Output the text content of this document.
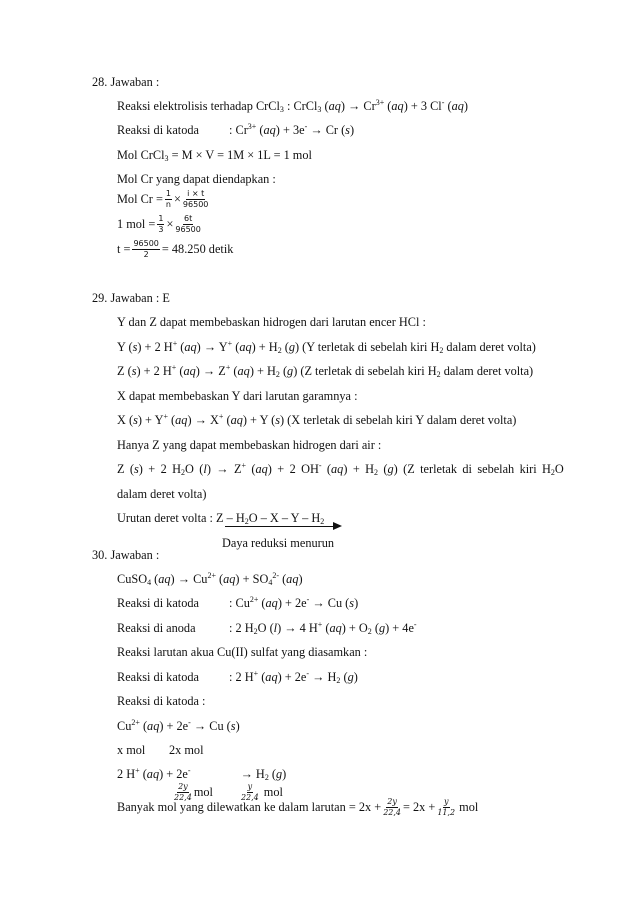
28. Jawaban :
Reaksi elektrolisis terhadap CrCl$_3$ : CrCl$_3$ $(aq) \to Cr^{3+}$ (aq) + 3 Cl- (aq)
Reaksi di katoda : $Cr^{3+}$ (aq) + 3e- → Cr (s)
Mol CrCl$_3$ = M × V = 1M × 1L = 1 mol
Mol Cr yang dapat diendapkan :
Mol $Cr = \frac{1}{n} \times \frac{i \times t}{96500}$
1 mol = $\frac{1}{3} \times \frac{6t}{96500}$
$t = \frac{96500}{2} = 48.250$ detik
29. Jawaban : E
Y dan Z dapat membebaskan hidrogen dari larutan encer HCl :
Y (s) + 2 H+ (aq) → Y+ $(aq) + H_2$ (g) (Y terletak di sebelah kiri $H_2$ dalam deret volta)
Z (s) + 2 H+ (aq) → Z+ $(aq) + H_2$ (g) (Z terletak di sebelah kiri $H_2$ dalam deret volta)
X dapat membebaskan Y dari larutan garamnya :
X (s) + Y+ (aq) → X+ (aq) + Y (s) (X terletak di sebelah kiri Y dalam deret volta)
Hanya Z yang dapat membebaskan hidrogen dari air :
Z (s) + 2 $H_2O$ (l) → Z+ (aq) + 2 OH- $(aq) + H_2$ (g) (Z terletak di sebelah kiri $H_2O$
dalam deret volta)
Urutan deret volta : Z – $H_2O$ – X – Y – $H_2$
Daya reduksi menurun
30. Jawaban :
CuSO$_4$ $(aq) \to Cu^{2+}$ $(aq) + SO_4^{2-}$ (aq)
Reaksi di katoda : $Cu^{2+}$ (aq) + 2e- → Cu (s)
Reaksi di anoda	: 2 $H_2O$ (l) → 4 H+ $(aq) + O_2$ (g) + 4e-
Reaksi larutan akua Cu(II) sulfat yang diasamkan :
Reaksi di katoda : 2 H+ $(aq) + 2e^- \to H_2$ (g)
Reaksi di katoda :
$Cu^{2+}$ (aq) + 2e- → Cu (s)
x mol 2x mol
2 H+ (aq) + 2e-	→ $H_2$ (g)
$\frac{2y}{22,4}$ mol	$\frac{y}{22,4}$ mol
Banyak mol yang dilewatkan ke dalam larutan = $2x + \frac{2y}{22,4} = 2x + \frac{y}{11,2}$ mol
